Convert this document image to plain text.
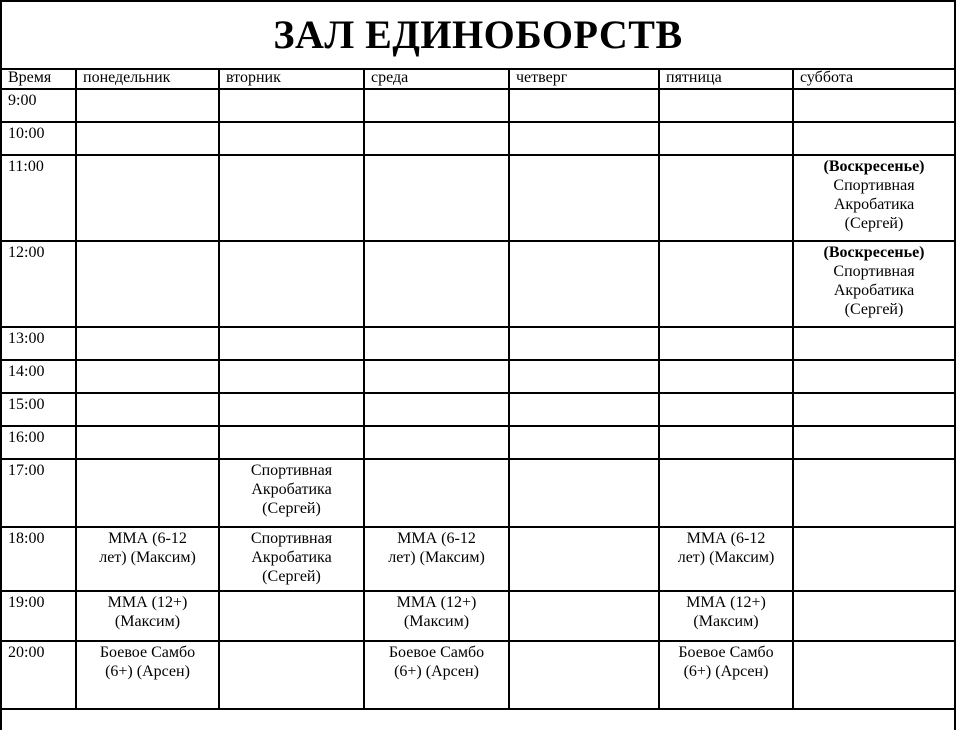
ЗАЛ ЕДИНОБОРСТВ
Время	понедельник	вторник	среда	четверг	пятница	суббота
9:00						
10:00						
11:00						(Воскресенье)
Спортивная Акробатика (Сергей)
12:00						(Воскресенье)
Спортивная Акробатика (Сергей)
13:00						
14:00						
15:00						
16:00						
17:00		Спортивная Акробатика (Сергей)				
18:00	ММА (6-12 лет) (Максим)	Спортивная Акробатика (Сергей)	ММА (6-12 лет) (Максим)		ММА (6-12 лет) (Максим)	
19:00	ММА (12+) (Максим)		ММА (12+) (Максим)		ММА (12+) (Максим)	
20:00	Боевое Самбо (6+) (Арсен)		Боевое Самбо (6+) (Арсен)		Боевое Самбо (6+) (Арсен)	
